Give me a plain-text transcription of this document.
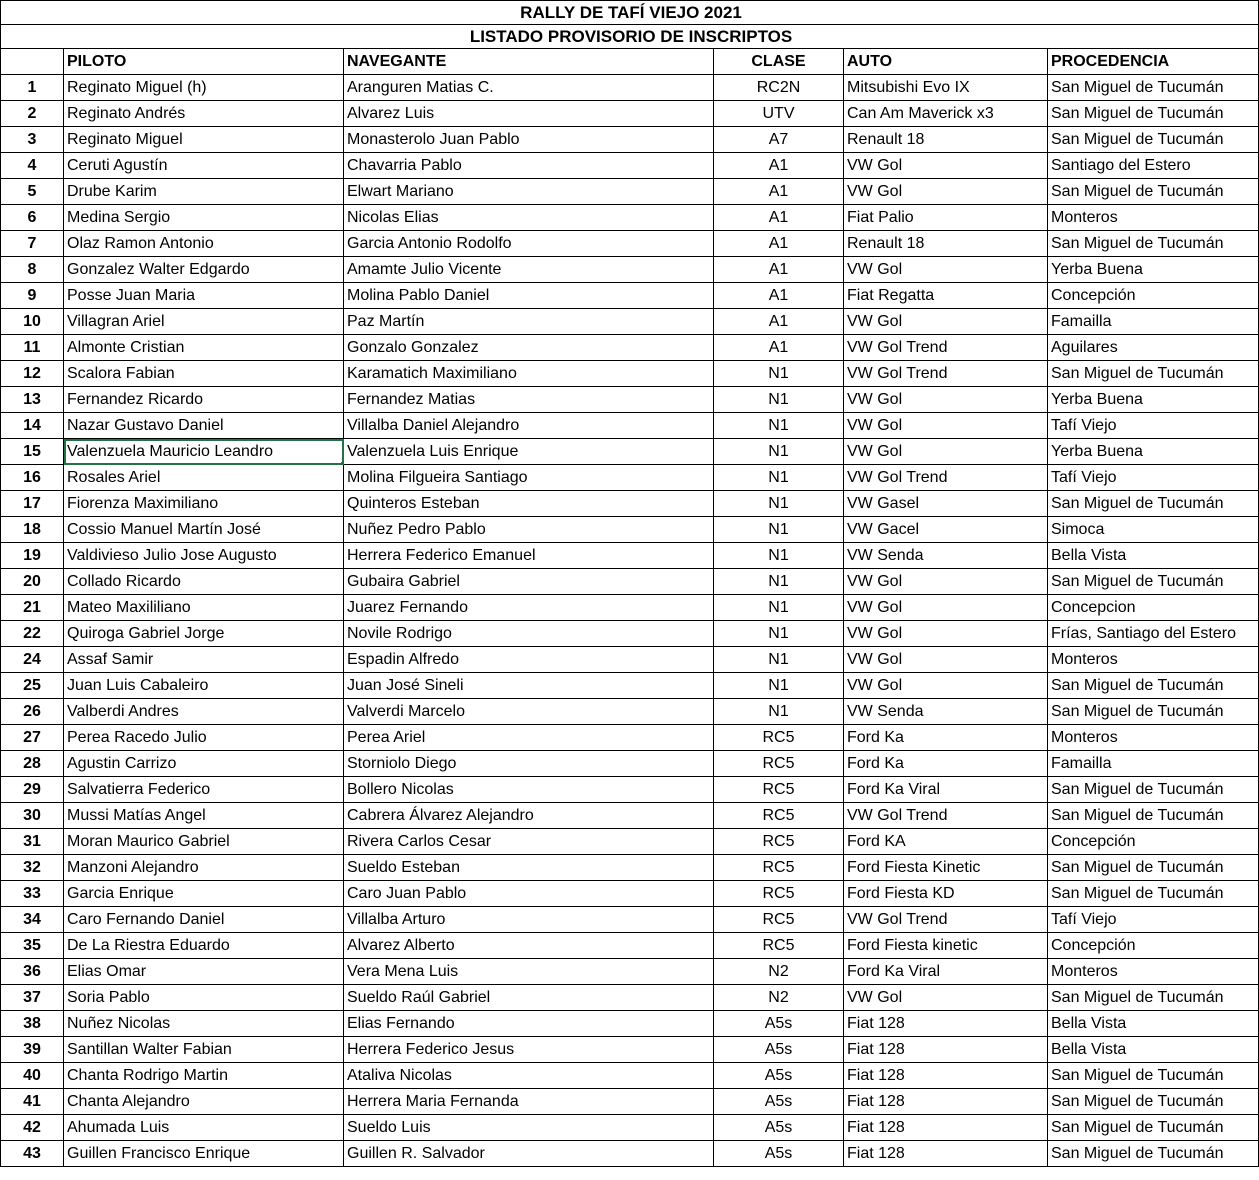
RALLY DE TAFÍ VIEJO 2021					
LISTADO PROVISORIO DE INSCRIPTOS					
	PILOTO	NAVEGANTE	CLASE	AUTO	PROCEDENCIA
1	Reginato Miguel (h)	Aranguren Matias C.	RC2N	Mitsubishi Evo IX	San Miguel de Tucumán
2	Reginato Andrés	Alvarez Luis	UTV	Can Am Maverick x3	San Miguel de Tucumán
3	Reginato Miguel	Monasterolo Juan Pablo	A7	Renault 18	San Miguel de Tucumán
4	Ceruti Agustín	Chavarria Pablo	A1	VW Gol	Santiago del Estero
5	Drube Karim	Elwart Mariano	A1	VW Gol	San Miguel de Tucumán
6	Medina Sergio	Nicolas Elias	A1	Fiat Palio	Monteros
7	Olaz Ramon Antonio	Garcia Antonio Rodolfo	A1	Renault 18	San Miguel de Tucumán
8	Gonzalez Walter Edgardo	Amamte Julio Vicente	A1	VW Gol	Yerba Buena
9	Posse Juan Maria	Molina Pablo Daniel	A1	Fiat Regatta	Concepción
10	Villagran Ariel	Paz Martín	A1	VW Gol	Famailla
11	Almonte Cristian	Gonzalo Gonzalez	A1	VW Gol Trend	Aguilares
12	Scalora Fabian	Karamatich Maximiliano	N1	VW Gol Trend	San Miguel de Tucumán
13	Fernandez Ricardo	Fernandez Matias	N1	VW Gol	Yerba Buena
14	Nazar Gustavo Daniel	Villalba Daniel Alejandro	N1	VW Gol	Tafí Viejo
15	Valenzuela Mauricio Leandro	Valenzuela Luis Enrique	N1	VW Gol	Yerba Buena
16	Rosales Ariel	Molina Filgueira Santiago	N1	VW Gol Trend	Tafí Viejo
17	Fiorenza Maximiliano	Quinteros Esteban	N1	VW Gasel	San Miguel de Tucumán
18	Cossio Manuel Martín José	Nuñez Pedro Pablo	N1	VW Gacel	Simoca
19	Valdivieso Julio Jose Augusto	Herrera Federico Emanuel	N1	VW Senda	Bella Vista
20	Collado Ricardo	Gubaira Gabriel	N1	VW Gol	San Miguel de Tucumán
21	Mateo Maxililiano	Juarez Fernando	N1	VW Gol	Concepcion
22	Quiroga Gabriel Jorge	Novile Rodrigo	N1	VW Gol	Frías, Santiago del Estero
24	Assaf Samir	Espadin Alfredo	N1	VW Gol	Monteros
25	Juan Luis Cabaleiro	Juan José Sineli	N1	VW Gol	San Miguel de Tucumán
26	Valberdi Andres	Valverdi Marcelo	N1	VW Senda	San Miguel de Tucumán
27	Perea Racedo Julio	Perea Ariel	RC5	Ford Ka	Monteros
28	Agustin Carrizo	Storniolo Diego	RC5	Ford Ka	Famailla
29	Salvatierra Federico	Bollero Nicolas	RC5	Ford Ka Viral	San Miguel de Tucumán
30	Mussi Matías Angel	Cabrera Álvarez Alejandro	RC5	VW Gol Trend	San Miguel de Tucumán
31	Moran Maurico Gabriel	Rivera Carlos Cesar	RC5	Ford KA	Concepción
32	Manzoni Alejandro	Sueldo Esteban	RC5	Ford Fiesta Kinetic	San Miguel de Tucumán
33	Garcia Enrique	Caro Juan Pablo	RC5	Ford Fiesta KD	San Miguel de Tucumán
34	Caro Fernando Daniel	Villalba Arturo	RC5	VW Gol Trend	Tafí Viejo
35	De La Riestra Eduardo	Alvarez Alberto	RC5	Ford Fiesta kinetic	Concepción
36	Elias Omar	Vera Mena Luis	N2	Ford Ka Viral	Monteros
37	Soria Pablo	Sueldo Raúl Gabriel	N2	VW Gol	San Miguel de Tucumán
38	Nuñez Nicolas	Elias Fernando	A5s	Fiat 128	Bella Vista
39	Santillan Walter Fabian	Herrera Federico Jesus	A5s	Fiat 128	Bella Vista
40	Chanta Rodrigo Martin	Ataliva Nicolas	A5s	Fiat 128	San Miguel de Tucumán
41	Chanta Alejandro	Herrera Maria Fernanda	A5s	Fiat 128	San Miguel de Tucumán
42	Ahumada Luis	Sueldo Luis	A5s	Fiat 128	San Miguel de Tucumán
43	Guillen Francisco Enrique	Guillen R. Salvador	A5s	Fiat 128	San Miguel de Tucumán
